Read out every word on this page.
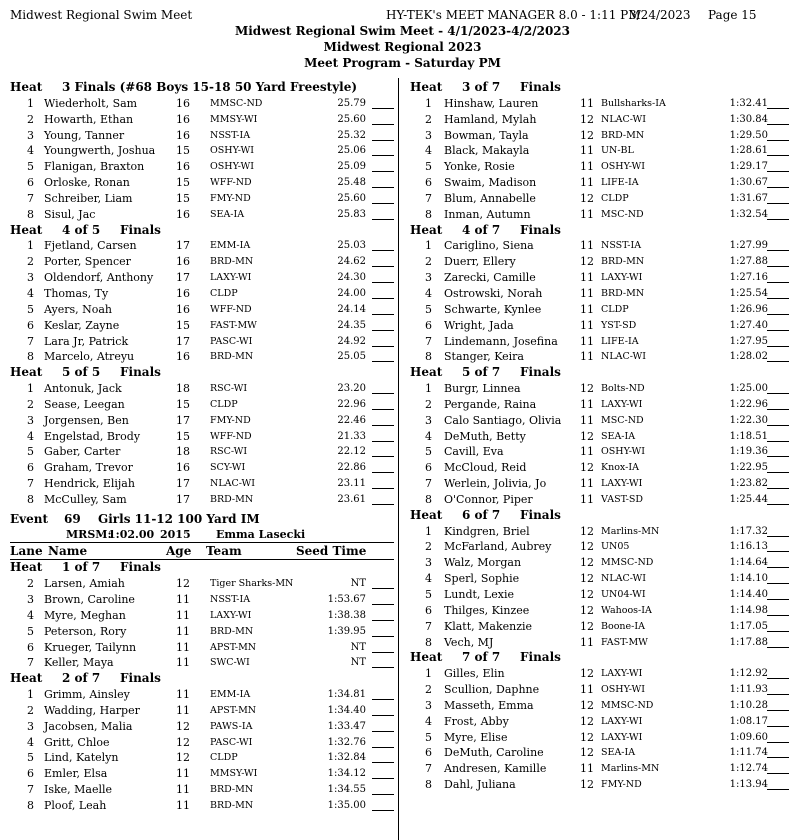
Midwest Regional Swim Meet	HY-TEK's MEET MANAGER 8.0 - 1:11 PM
3/24/2023 Page 15
Midwest Regional Swim Meet - 4/1/2023-4/2/2023
Midwest Regional 2023
Meet Program - Saturday PM
Heat 3 Finals (#68 Boys 15-18 50 Yard Freestyle)
1 Wiederholt, Sam	16 MMSC-ND	25.79
2 Howarth, Ethan	16 MMSY-WI	25.60
3 Young, Tanner	16 NSST-IA	25.32
4 Youngwerth, Joshua 15 OSHY-WI	25.06
5 Flanigan, Braxton	16 OSHY-WI	25.09
6 Orloske, Ronan	15 WFF-ND	25.48
7 Schreiber, Liam	15 FMY-ND	25.60
8 Sisul, Jac	16 SEA-IA	25.83
Heat 4 of 5 Finals
1 Fjetland, Carsen	17 EMM-IA	25.03
2 Porter, Spencer	16 BRD-MN	24.62
3 Oldendorf, Anthony 17 LAXY-WI	24.30
4 Thomas, Ty	16 CLDP	24.00
5 Ayers, Noah	16 WFF-ND	24.14
6 Keslar, Zayne	15 FAST-MW	24.35
7 Lara Jr, Patrick	17 PASC-WI	24.92
8 Marcelo, Atreyu	16 BRD-MN	25.05
Heat 5 of 5 Finals
1 Antonuk, Jack	18 RSC-WI	23.20
2 Sease, Leegan	15 CLDP	22.96
3 Jorgensen, Ben	17 FMY-ND	22.46
4 Engelstad, Brody	15 WFF-ND	21.33
5 Gaber, Carter	18 RSC-WI	22.12
6 Graham, Trevor	16 SCY-WI	22.86
7 Hendrick, Elijah	17 NLAC-WI	23.11
8 McCulley, Sam	17 BRD-MN	23.61
Event 69 Girls 11-12 100 Yard IM
MRSM:
1:02.00 2015 Emma Lasecki
Lane Name	Age Team	Seed Time
Heat 1 of 7 Finals
2 Larsen, Amiah	12 Tiger Sharks-MN	NT
3 Brown, Caroline	11 NSST-IA	1:53.67
4 Myre, Meghan	11 LAXY-WI	1:38.38
5 Peterson, Rory	11 BRD-MN	1:39.95
6 Krueger, Tailynn	11 APST-MN	NT
7 Keller, Maya	11 SWC-WI	NT
Heat 2 of 7 Finals
1 Grimm, Ainsley	11 EMM-IA	1:34.81
2 Wadding, Harper	11 APST-MN	1:34.40
3 Jacobsen, Malia	12 PAWS-IA	1:33.47
4 Gritt, Chloe	12 PASC-WI	1:32.76
5 Lind, Katelyn	12 CLDP	1:32.84
6 Emler, Elsa	11 MMSY-WI	1:34.12
7 Iske, Maelle	11 BRD-MN	1:34.55
8 Ploof, Leah	11 BRD-MN	1:35.00
Heat 3 of 7 Finals
1 Hinshaw, Lauren	11 Bullsharks-IA	1:32.41
2 Hamland, Mylah	12 NLAC-WI	1:30.84
3 Bowman, Tayla	12 BRD-MN	1:29.50
4 Black, Makayla	11 UN-BL	1:28.61
5 Yonke, Rosie	11 OSHY-WI	1:29.17
6 Swaim, Madison	11 LIFE-IA	1:30.67
7 Blum, Annabelle	12 CLDP	1:31.67
8 Inman, Autumn	11 MSC-ND	1:32.54
Heat 4 of 7 Finals
1 Cariglino, Siena	11 NSST-IA	1:27.99
2 Duerr, Ellery	12 BRD-MN	1:27.88
3 Zarecki, Camille	11 LAXY-WI	1:27.16
4 Ostrowski, Norah	11 BRD-MN	1:25.54
5 Schwarte, Kynlee	11 CLDP	1:26.96
6 Wright, Jada	11 YST-SD	1:27.40
7 Lindemann, Josefina 11 LIFE-IA	1:27.95
8 Stanger, Keira	11 NLAC-WI	1:28.02
Heat 5 of 7 Finals
1 Burgr, Linnea	12 Bolts-ND	1:25.00
2 Pergande, Raina	11 LAXY-WI	1:22.96
3 Calo Santiago, Olivia 11 MSC-ND	1:22.30
4 DeMuth, Betty	12 SEA-IA	1:18.51
5 Cavill, Eva	11 OSHY-WI	1:19.36
6 McCloud, Reid	12 Knox-IA	1:22.95
7 Werlein, Jolivia, Jo	11 LAXY-WI	1:23.82
8 O'Connor, Piper	11 VAST-SD	1:25.44
Heat 6 of 7 Finals
1 Kindgren, Briel	12 Marlins-MN	1:17.32
2 McFarland, Aubrey	12 UN05	1:16.13
3 Walz, Morgan	12 MMSC-ND	1:14.64
4 Sperl, Sophie	12 NLAC-WI	1:14.10
5 Lundt, Lexie	12 UN04-WI	1:14.40
6 Thilges, Kinzee	12 Wahoos-IA	1:14.98
7 Klatt, Makenzie	12 Boone-IA	1:17.05
8 Vech, MJ	11 FAST-MW	1:17.88
Heat 7 of 7 Finals
1 Gilles, Elin	12 LAXY-WI	1:12.92
2 Scullion, Daphne	11 OSHY-WI	1:11.93
3 Masseth, Emma	12 MMSC-ND	1:10.28
4 Frost, Abby	12 LAXY-WI	1:08.17
5 Myre, Elise	12 LAXY-WI	1:09.60
6 DeMuth, Caroline	12 SEA-IA	1:11.74
7 Andresen, Kamille	11 Marlins-MN	1:12.74
8 Dahl, Juliana	12 FMY-ND	1:13.94
